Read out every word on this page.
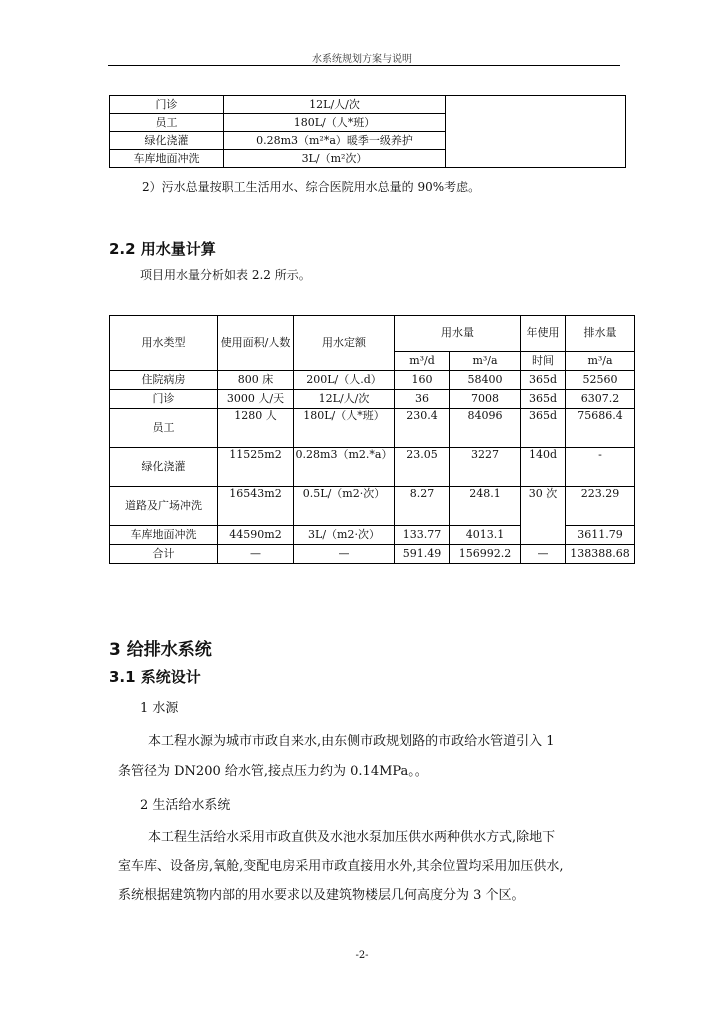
水系统规划方案与说明
门诊	12L/人/次	
员工	180L/（人*班）	
绿化浇灌	0.28m3（m²*a）暖季一级养护	
车库地面冲洗	3L/（m²次）	
2）污水总量按职工生活用水、综合医院用水总量的 90%考虑。
2.2 用水量计算
项目用水量分析如表 2.2 所示。
用水类型	使用面积/人数	用水定额	用水量		年使用	排水量
			m³/d	m³/a	时间	m³/a
住院病房	800 床	200L/（人.d）	160	58400	365d	52560
门诊	3000 人/天	12L/人/次	36	7008	365d	6307.2
员工	1280 人	180L/（人*班）	230.4	84096	365d	75686.4
绿化浇灌	11525m2	0.28m3（m2.*a）	23.05	3227	140d	-
道路及广场冲洗	16543m2	0.5L/（m2·次）	8.27	248.1	30 次	223.29
车库地面冲洗	44590m2	3L/（m2·次）	133.77	4013.1		3611.79
合计	—	—	591.49	156992.2	—	138388.68
3 给排水系统
3.1 系统设计
1 水源
本工程水源为城市市政自来水,由东侧市政规划路的市政给水管道引入 1
条管径为 DN200 给水管,接点压力约为 0.14MPa。。
2 生活给水系统
本工程生活给水采用市政直供及水池水泵加压供水两种供水方式,除地下
室车库、设备房,氧舱,变配电房采用市政直接用水外,其余位置均采用加压供水,
系统根据建筑物内部的用水要求以及建筑物楼层几何高度分为 3 个区。
-2-
